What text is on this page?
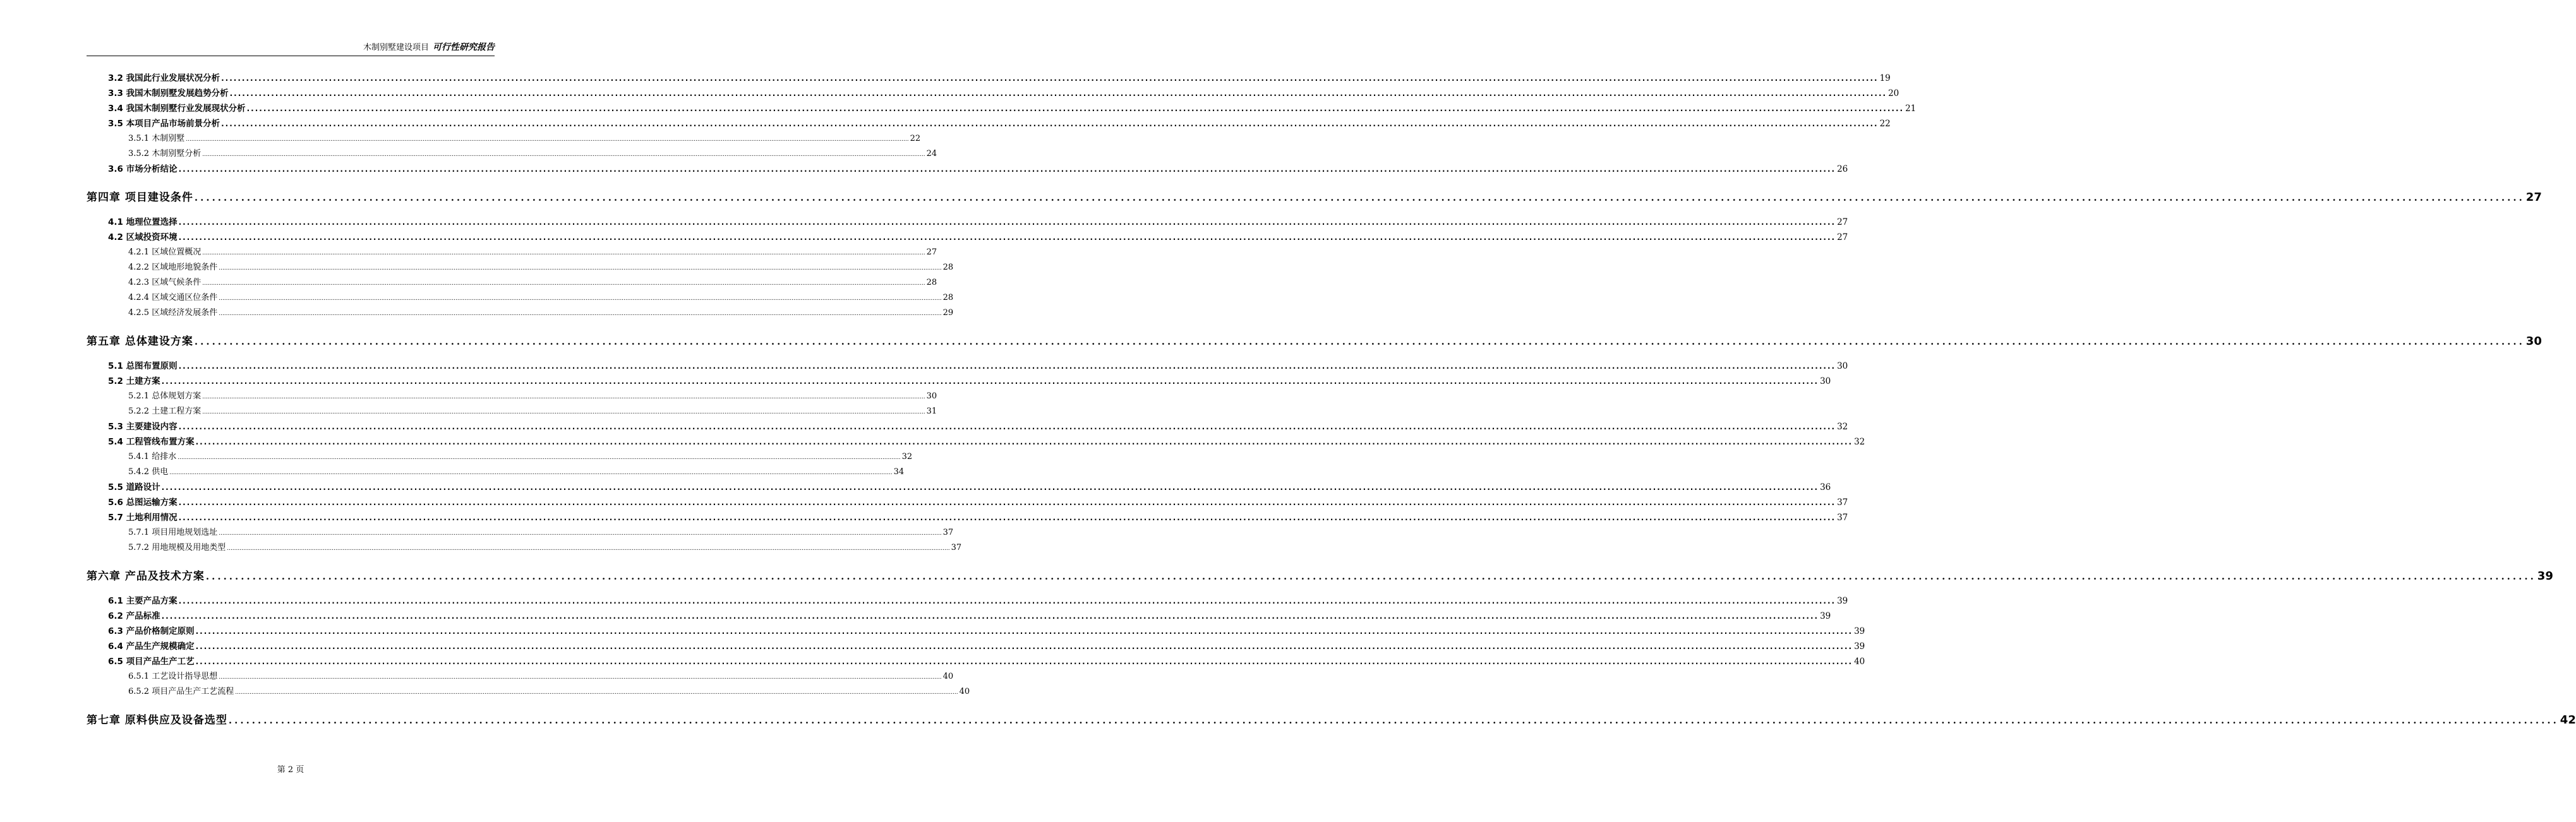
木制别墅建设项目 可行性研究报告
3.2 我国此行业发展状况分析 ................................................................................................................................................................................................................................................................................................................................................................................................................ 19
3.3 我国木制别墅发展趋势分析 ................................................................................................................................................................................................................................................................................................................................................................................................................ 20
3.4 我国木制别墅行业发展现状分析 ................................................................................................................................................................................................................................................................................................................................................................................................................ 21
3.5 本项目产品市场前景分析 ................................................................................................................................................................................................................................................................................................................................................................................................................ 22
3.5.1 木制别墅 ................................................................................................................................................................................................................................................................................................................................................................................................................ 22
3.5.2 木制别墅分析 ................................................................................................................................................................................................................................................................................................................................................................................................................ 24
3.6 市场分析结论 ................................................................................................................................................................................................................................................................................................................................................................................................................ 26
第四章 项目建设条件 ................................................................................................................................................................................................................................................................................................................................................................................................................ 27
4.1 地理位置选择 ................................................................................................................................................................................................................................................................................................................................................................................................................ 27
4.2 区域投资环境 ................................................................................................................................................................................................................................................................................................................................................................................................................ 27
4.2.1 区域位置概况 ................................................................................................................................................................................................................................................................................................................................................................................................................ 27
4.2.2 区域地形地貌条件 ................................................................................................................................................................................................................................................................................................................................................................................................................ 28
4.2.3 区域气候条件 ................................................................................................................................................................................................................................................................................................................................................................................................................ 28
4.2.4 区域交通区位条件 ................................................................................................................................................................................................................................................................................................................................................................................................................ 28
4.2.5 区域经济发展条件 ................................................................................................................................................................................................................................................................................................................................................................................................................ 29
第五章 总体建设方案 ................................................................................................................................................................................................................................................................................................................................................................................................................ 30
5.1 总图布置原则 ................................................................................................................................................................................................................................................................................................................................................................................................................ 30
5.2 土建方案 ................................................................................................................................................................................................................................................................................................................................................................................................................ 30
5.2.1 总体规划方案 ................................................................................................................................................................................................................................................................................................................................................................................................................ 30
5.2.2 土建工程方案 ................................................................................................................................................................................................................................................................................................................................................................................................................ 31
5.3 主要建设内容 ................................................................................................................................................................................................................................................................................................................................................................................................................ 32
5.4 工程管线布置方案 ................................................................................................................................................................................................................................................................................................................................................................................................................ 32
5.4.1 给排水 ................................................................................................................................................................................................................................................................................................................................................................................................................ 32
5.4.2 供电 ................................................................................................................................................................................................................................................................................................................................................................................................................ 34
5.5 道路设计 ................................................................................................................................................................................................................................................................................................................................................................................................................ 36
5.6 总图运输方案 ................................................................................................................................................................................................................................................................................................................................................................................................................ 37
5.7 土地利用情况 ................................................................................................................................................................................................................................................................................................................................................................................................................ 37
5.7.1 项目用地规划选址 ................................................................................................................................................................................................................................................................................................................................................................................................................ 37
5.7.2 用地规模及用地类型 ................................................................................................................................................................................................................................................................................................................................................................................................................ 37
第六章 产品及技术方案 ................................................................................................................................................................................................................................................................................................................................................................................................................ 39
6.1 主要产品方案 ................................................................................................................................................................................................................................................................................................................................................................................................................ 39
6.2 产品标准 ................................................................................................................................................................................................................................................................................................................................................................................................................ 39
6.3 产品价格制定原则 ................................................................................................................................................................................................................................................................................................................................................................................................................ 39
6.4 产品生产规模确定 ................................................................................................................................................................................................................................................................................................................................................................................................................ 39
6.5 项目产品生产工艺 ................................................................................................................................................................................................................................................................................................................................................................................................................ 40
6.5.1 工艺设计指导思想 ................................................................................................................................................................................................................................................................................................................................................................................................................ 40
6.5.2 项目产品生产工艺流程 ................................................................................................................................................................................................................................................................................................................................................................................................................ 40
第七章 原料供应及设备选型 ................................................................................................................................................................................................................................................................................................................................................................................................................ 42
第 2 页
